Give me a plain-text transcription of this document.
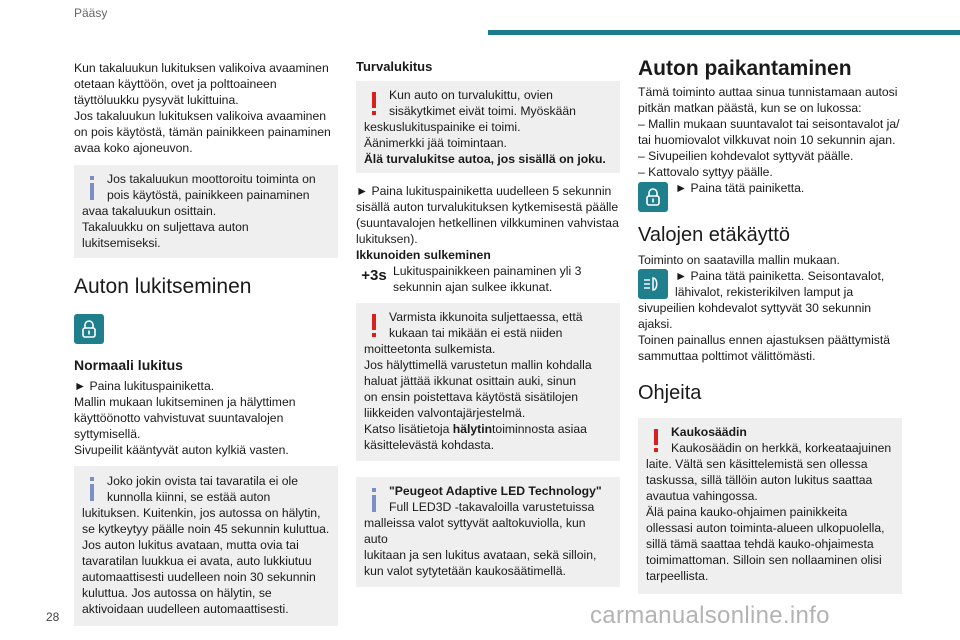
Pääsy

Kun takaluukun lukituksen valikoiva avaaminen

otetaan käyttöön, ovet ja polttoaineen

täyttöluukku pysyvät lukittuina.

Jos takaluukun lukituksen valikoiva avaaminen

on pois käytöstä, tämän painikkeen painaminen

avaa koko ajoneuvon.

Jos takaluukun moottoroitu toiminta on

pois käytöstä, painikkeen painaminen

avaa takaluukun osittain.

Takaluukku on suljettava auton lukitsemiseksi.

Auton lukitseminen
Normaali lukitus

► Paina lukituspainiketta.

Mallin mukaan lukitseminen ja hälyttimen

käyttöönotto vahvistuvat suuntavalojen

syttymisellä.

Sivupeilit kääntyvät auton kylkiä vasten.

Joko jokin ovista tai tavaratila ei ole

kunnolla kiinni, se estää auton

lukituksen. Kuitenkin, jos autossa on hälytin,

se kytkeytyy päälle noin 45 sekunnin kuluttua.

Jos auton lukitus avataan, mutta ovia tai

tavaratilan luukkua ei avata, auto lukkiutuu

automaattisesti uudelleen noin 30 sekunnin

kuluttua. Jos autossa on hälytin, se

aktivoidaan uudelleen automaattisesti.

Turvalukitus

Kun auto on turvalukittu, ovien

sisäkytkimet eivät toimi. Myöskään

keskuslukituspainike ei toimi.

Äänimerkki jää toimintaan.

Älä turvalukitse autoa, jos sisällä on joku.

► Paina lukituspainiketta uudelleen 5 sekunnin

sisällä auton turvalukituksen kytkemisestä päälle

(suuntavalojen hetkellinen vilkkuminen vahvistaa

lukituksen).

Ikkunoiden sulkeminen

+3s Lukituspainikkeen painaminen yli 3

sekunnin ajan sulkee ikkunat.

Varmista ikkunoita suljettaessa, että

kukaan tai mikään ei estä niiden

moitteetonta sulkemista.

Jos hälyttimellä varustetun mallin kohdalla

haluat jättää ikkunat osittain auki, sinun

on ensin poistettava käytöstä sisätilojen

liikkeiden valvontajärjestelmä.

Katso lisätietoja hälytintoiminnosta asiaa

käsittelevästä kohdasta.

"Peugeot Adaptive LED Technology"

Full LED3D -takavaloilla varustetuissa

malleissa valot syttyvät aaltokuviolla, kun auto

lukitaan ja sen lukitus avataan, sekä silloin,

kun valot sytytetään kaukosäätimellä.

Auton paikantaminen

Tämä toiminto auttaa sinua tunnistamaan autosi

pitkän matkan päästä, kun se on lukossa:

– Mallin mukaan suuntavalot tai seisontavalot ja/

tai huomiovalot vilkkuvat noin 10 sekunnin ajan.

– Sivupeilien kohdevalot syttyvät päälle.

– Kattovalo syttyy päälle.

► Paina tätä painiketta.

Valojen etäkäyttö

Toiminto on saatavilla mallin mukaan.

► Paina tätä painiketta. Seisontavalot,

lähivalot, rekisterikilven lamput ja

sivupeilien kohdevalot syttyvät 30 sekunnin

ajaksi.

Toinen painallus ennen ajastuksen päättymistä

sammuttaa polttimot välittömästi.

Ohjeita

Kaukosäädin

Kaukosäädin on herkkä, korkeataajuinen

laite. Vältä sen käsittelemistä sen ollessa

taskussa, sillä tällöin auton lukitus saattaa

avautua vahingossa.

Älä paina kauko-ohjaimen painikkeita

ollessasi auton toiminta-alueen ulkopuolella,

sillä tämä saattaa tehdä kauko-ohjaimesta

toimimattoman. Silloin sen nollaaminen olisi

tarpeellista.

28	carmanualsonline.info
